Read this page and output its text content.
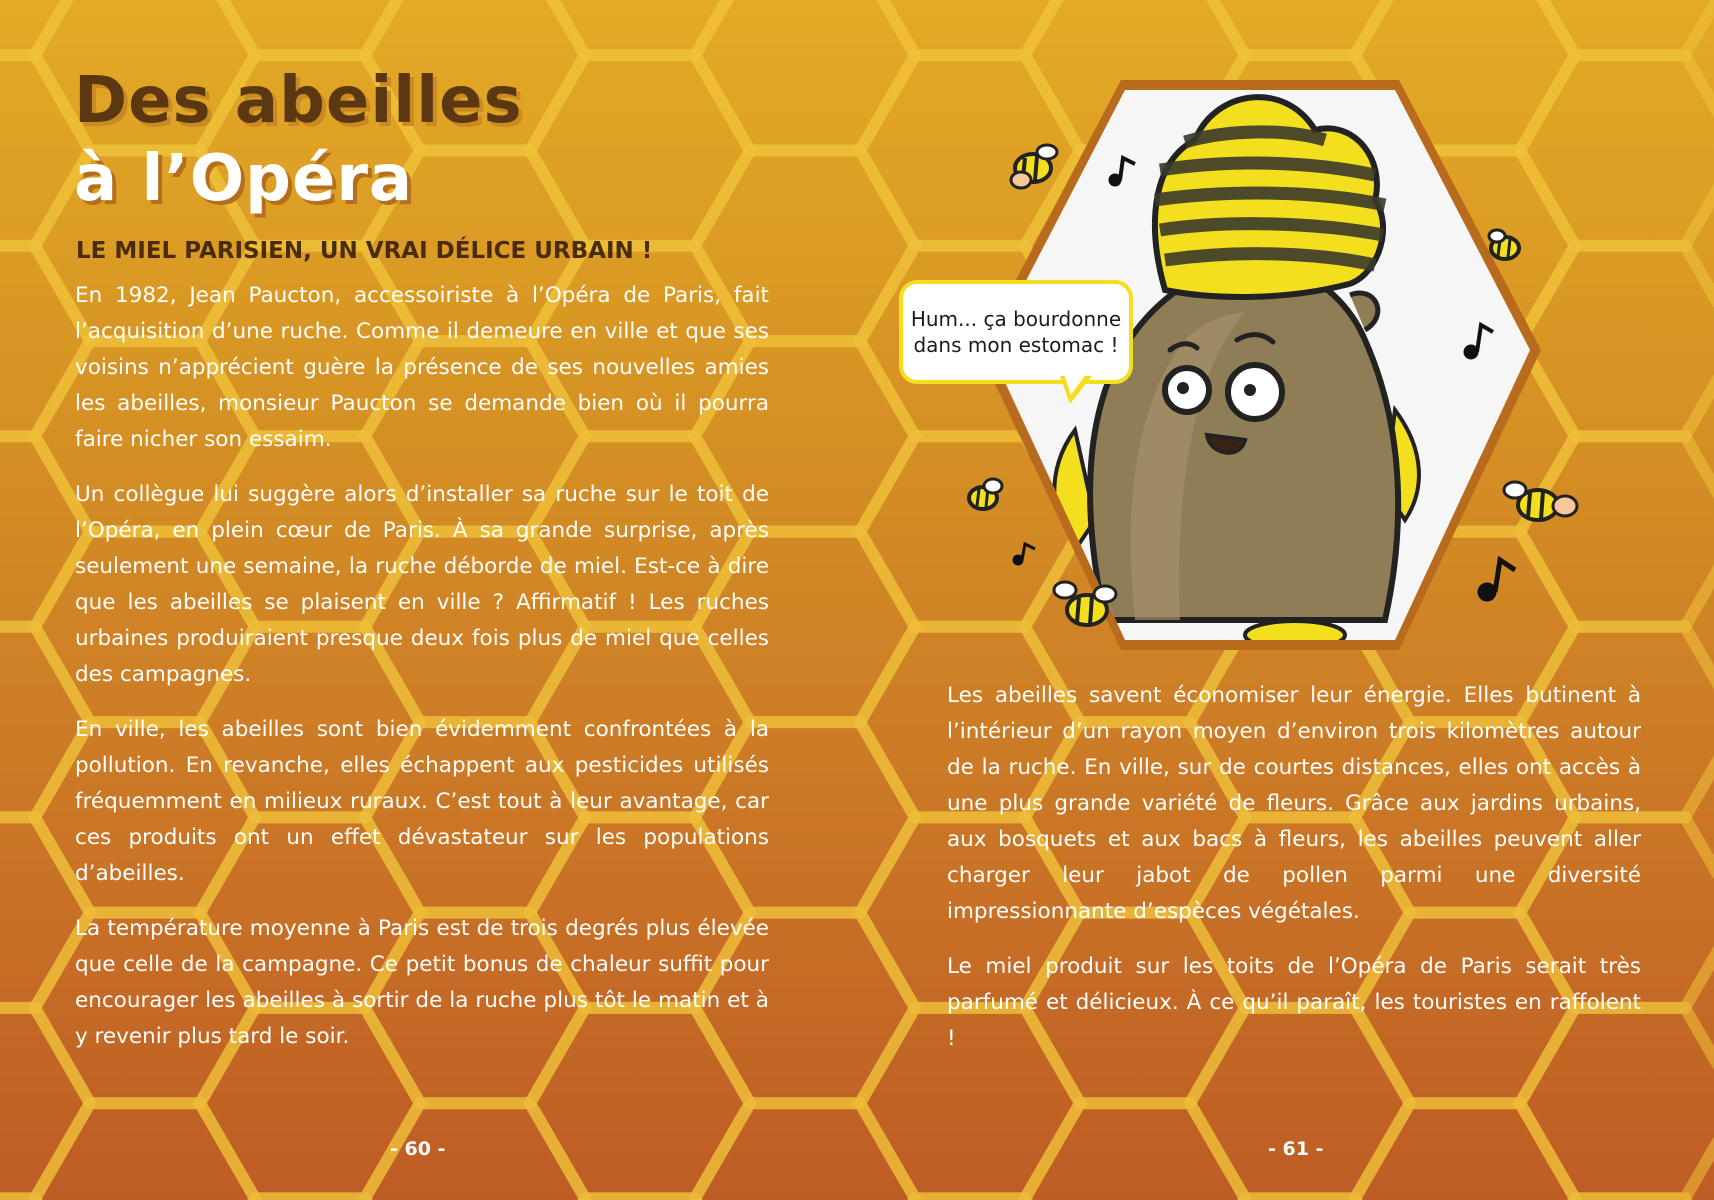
Des abeilles
à l’Opéra
LE MIEL PARISIEN, UN VRAI DÉLICE URBAIN !

En 1982, Jean Paucton, accessoiriste à l’Opéra de Paris, fait l’acquisition d’une ruche. Comme il demeure en ville et que ses voisins n’apprécient guère la présence de ses nouvelles amies les abeilles, monsieur Paucton se demande bien où il pourra faire nicher son essaim.

Un collègue lui suggère alors d’installer sa ruche sur le toit de l’Opéra, en plein cœur de Paris. À sa grande surprise, après seulement une semaine, la ruche déborde de miel. Est-ce à dire que les abeilles se plaisent en ville ? Affirmatif ! Les ruches urbaines produiraient presque deux fois plus de miel que celles des campagnes.

En ville, les abeilles sont bien évidemment confrontées à la pollution. En revanche, elles échappent aux pesticides utilisés fréquemment en milieux ruraux. C’est tout à leur avantage, car ces produits ont un effet dévastateur sur les populations d’abeilles.

La température moyenne à Paris est de trois degrés plus élevée que celle de la campagne. Ce petit bonus de chaleur suffit pour encourager les abeilles à sortir de la ruche plus tôt le matin et à y revenir plus tard le soir.

- 60 -

Les abeilles savent économiser leur énergie. Elles butinent à l’intérieur d’un rayon moyen d’environ trois kilomètres autour de la ruche. En ville, sur de courtes distances, elles ont accès à une plus grande variété de fleurs. Grâce aux jardins urbains, aux bosquets et aux bacs à fleurs, les abeilles peuvent aller charger leur jabot de pollen parmi une diversité impressionnante d’espèces végétales.

Le miel produit sur les toits de l’Opéra de Paris serait très parfumé et délicieux. À ce qu’il paraît, les touristes en raffolent !

- 61 -
Hum... ça bourdonne
dans mon estomac !
